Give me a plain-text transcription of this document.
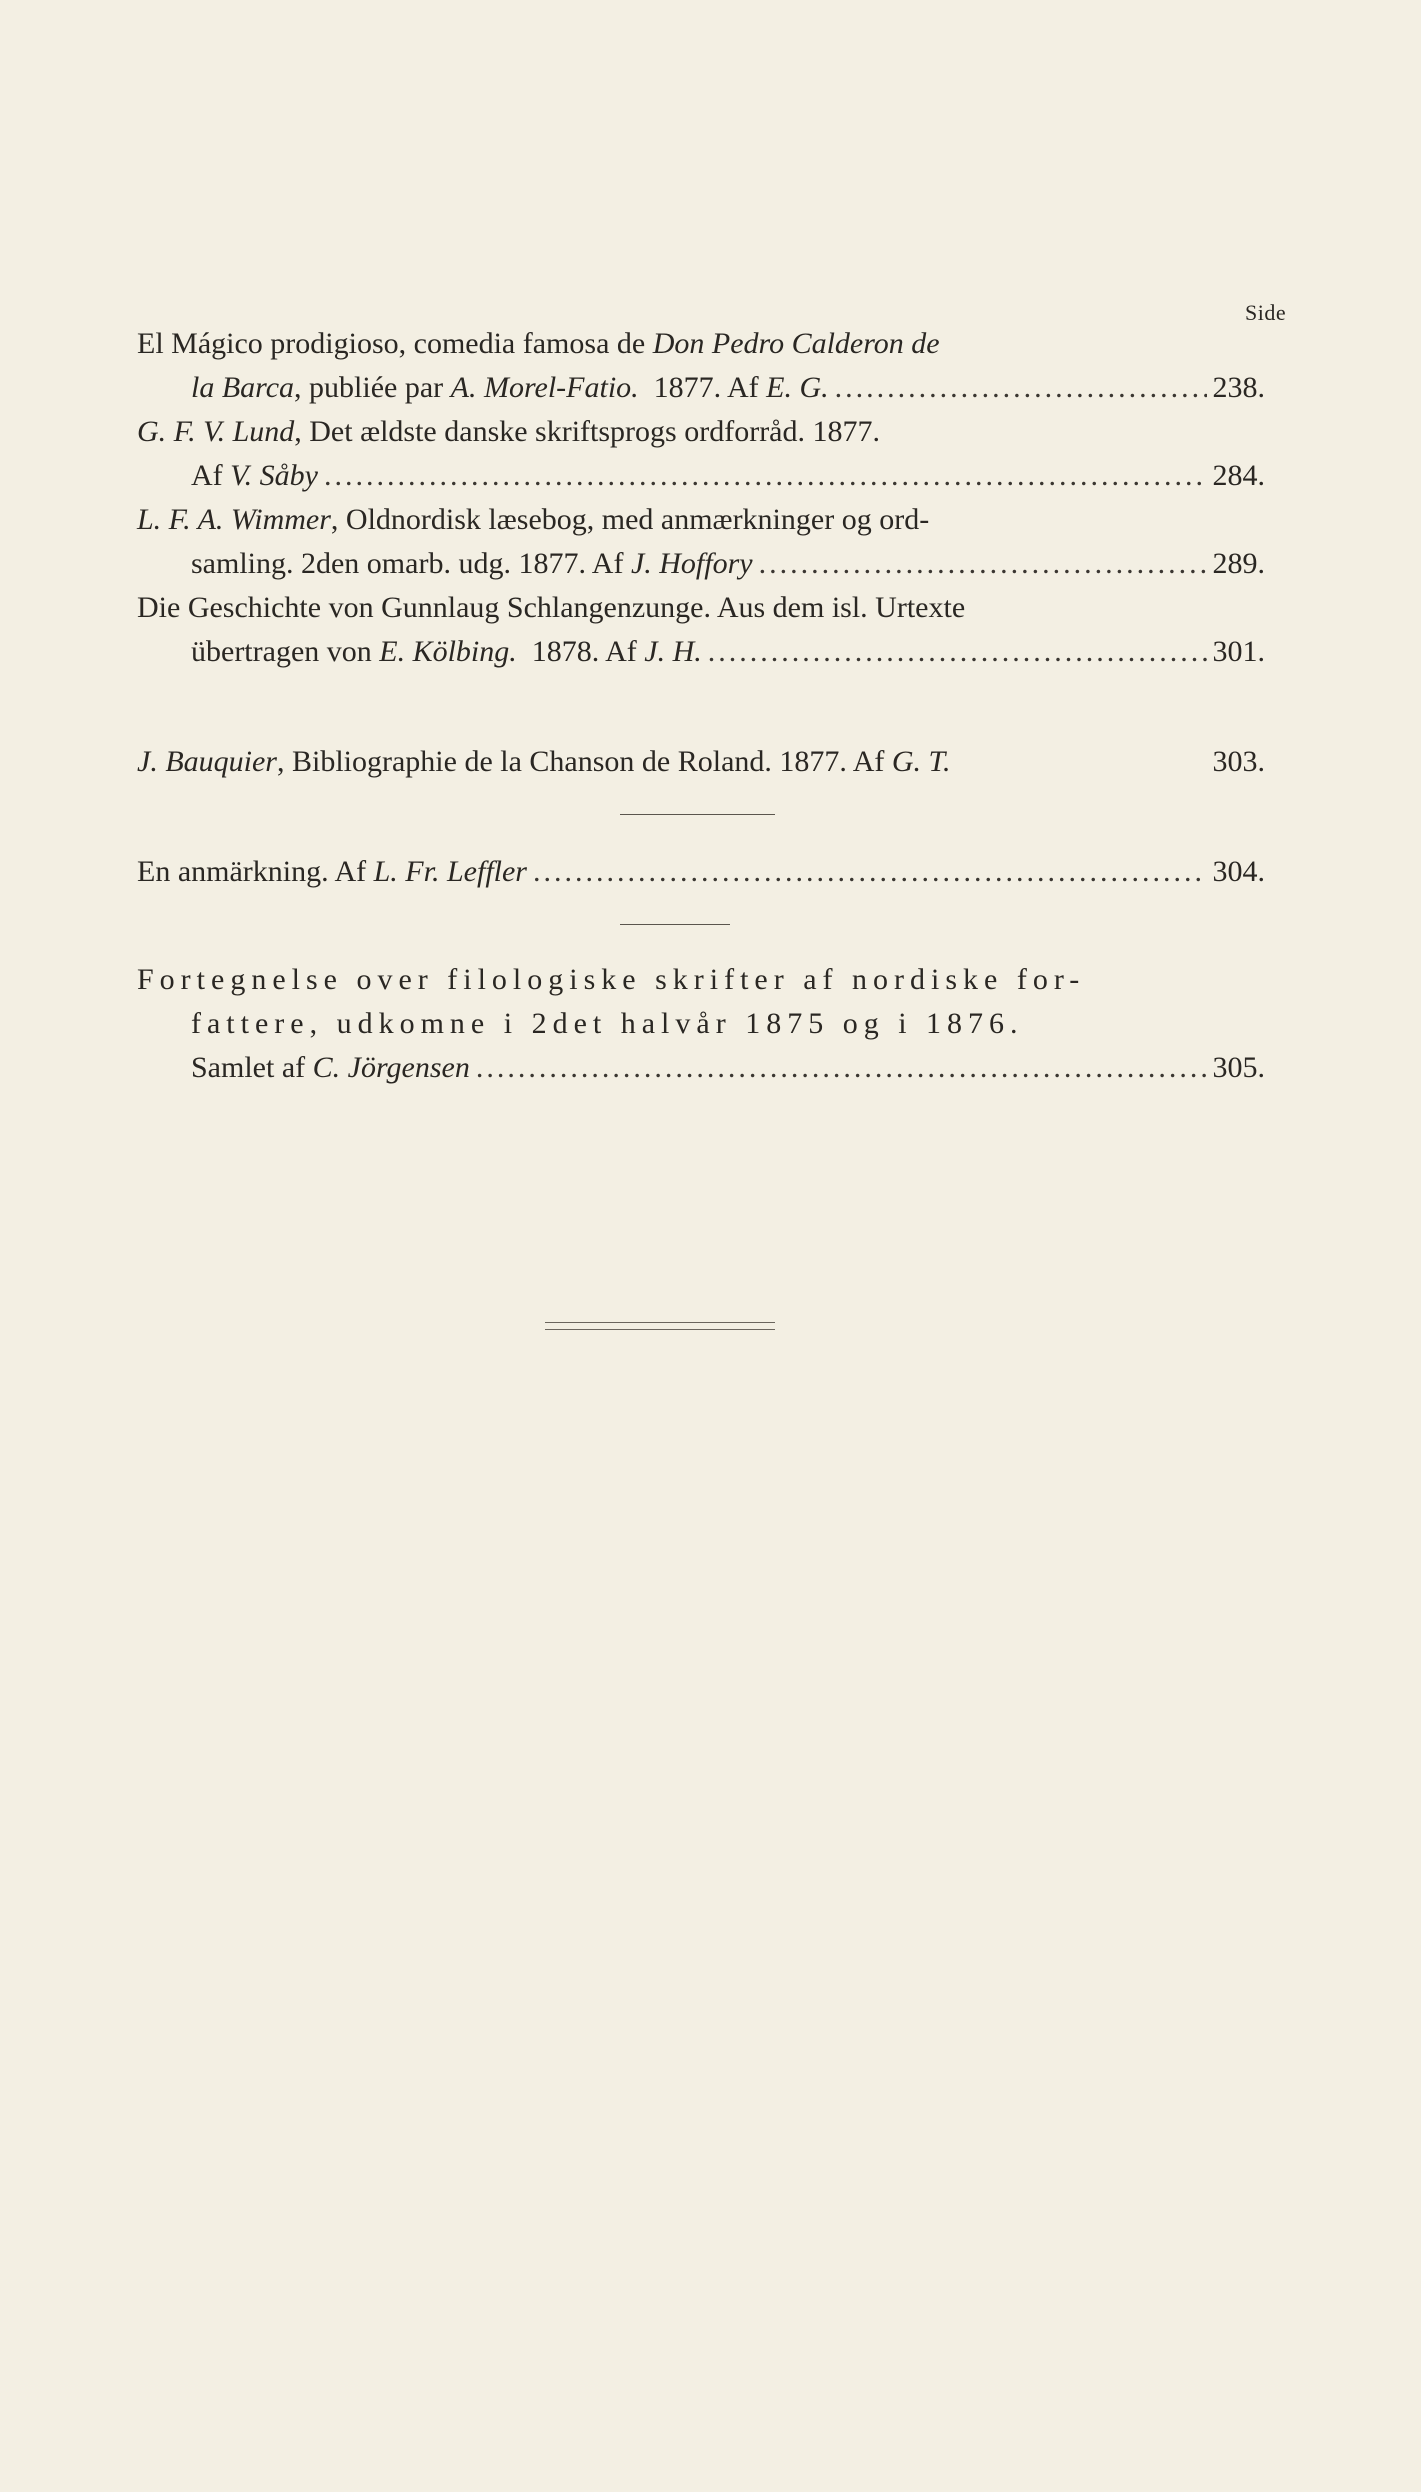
Side
El Mágico prodigioso, comedia famosa de
Don Pedro Calderon de
la Barca , publiée par
A. Morel-Fatio.
1877. Af
E. G. .....	238.
G. F. V. Lund , Det ældste danske skriftsprogs ordforråd. 1877.
Af
V. Såby .....	284.
L. F. A. Wimmer , Oldnordisk læsebog, med anmærkninger og ord-
samling. 2den omarb. udg. 1877. Af
J. Hoffory .....	289.
Die Geschichte von Gunnlaug Schlangenzunge. Aus dem isl. Urtexte
übertragen von
E. Kölbing.
1878. Af
J. H. .....	301.
J. Bauquier , Bibliographie de la Chanson de Roland. 1877. Af
G. T.	303.
En anmärkning. Af
L. Fr. Leffler .....	304.
Fortegnelse over filologiske skrifter af nordiske for-
fattere, udkomne i 2det halvår 1875 og i 1876.
Samlet af
C. Jörgensen .....	305.
